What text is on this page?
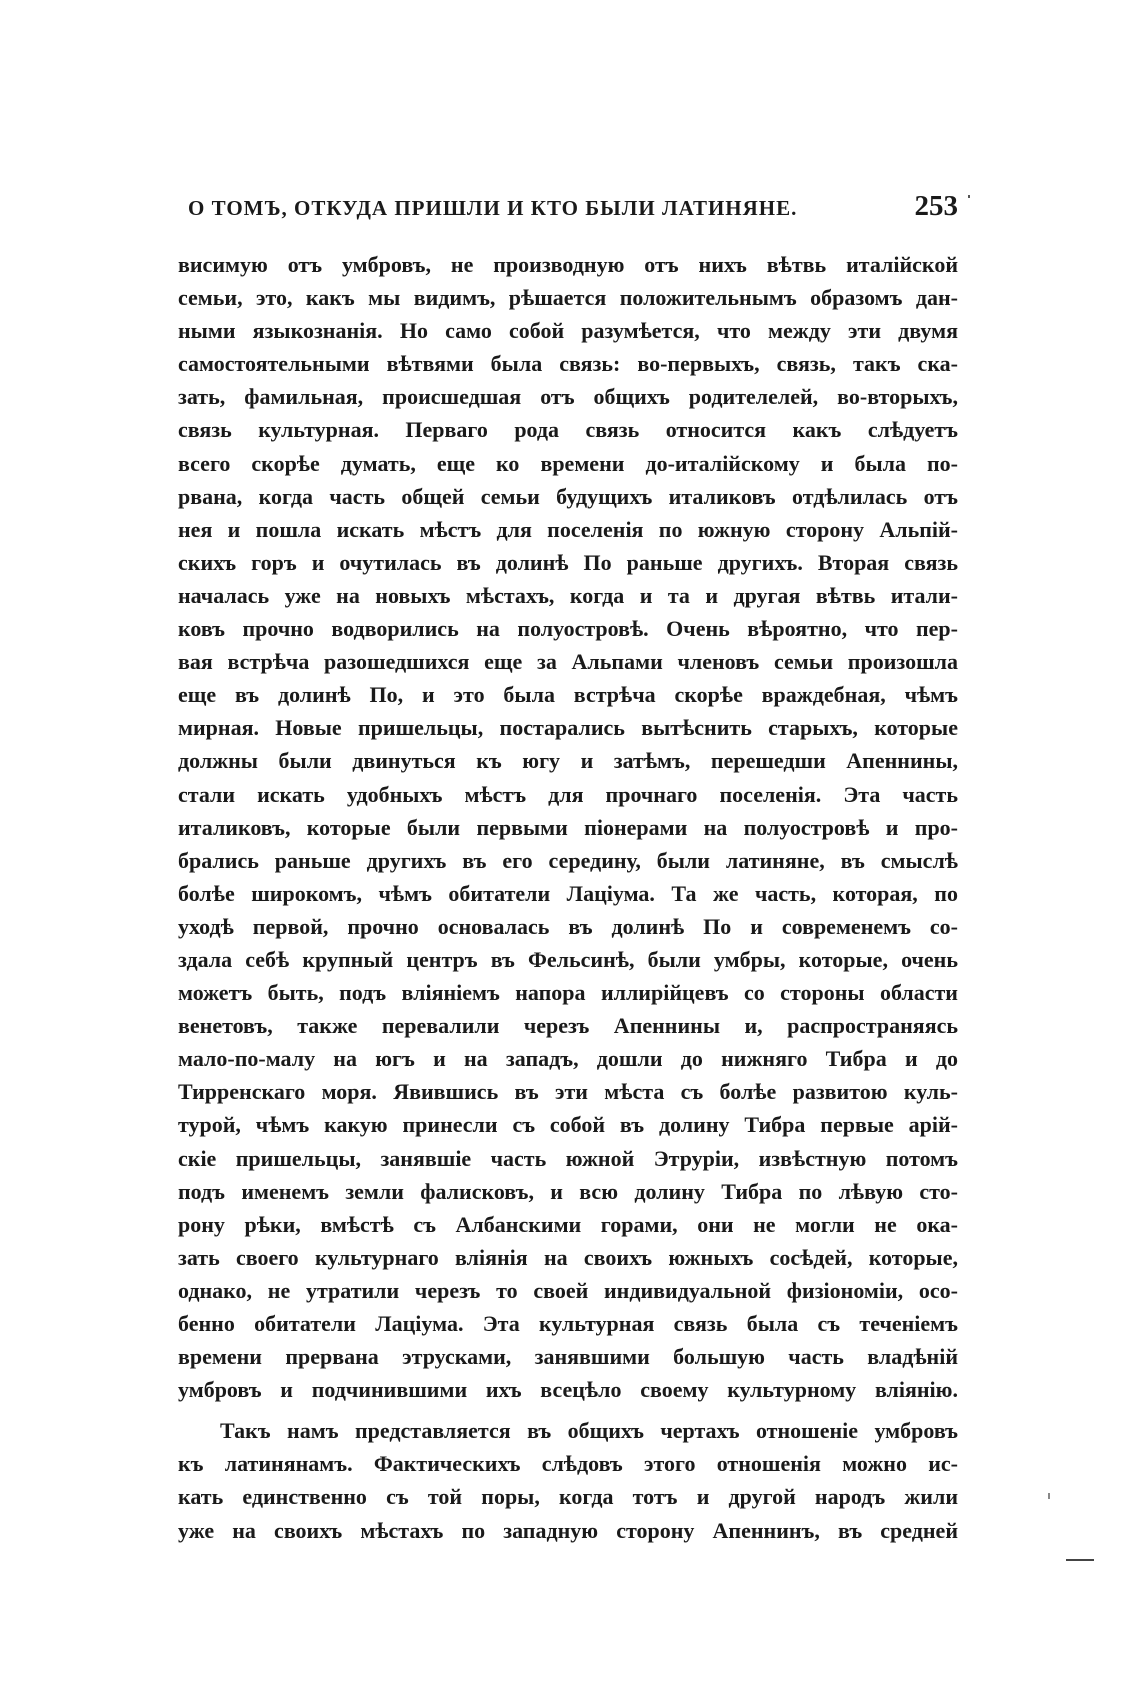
О ТОМЪ, ОТКУДА ПРИШЛИ И КТО БЫЛИ ЛАТИНЯНЕ.	253
висимую отъ умбровъ, не производную отъ нихъ вѣтвь италійской
семьи, это, какъ мы видимъ, рѣшается положительнымъ образомъ дан-
ными языкознанія. Но само собой разумѣется, что между эти двумя
самостоятельными вѣтвями была связь: во-первыхъ, связь, такъ ска-
зать, фамильная, происшедшая отъ общихъ родителелей, во-вторыхъ,
связь культурная. Перваго рода связь относится какъ слѣдуетъ
всего скорѣе думать, еще ко времени до-италійскому и была по-
рвана, когда часть общей семьи будущихъ италиковъ отдѣлилась отъ
нея и пошла искать мѣстъ для поселенія по южную сторону Альпій-
скихъ горъ и очутилась въ долинѣ По раньше другихъ. Вторая связь
началась уже на новыхъ мѣстахъ, когда и та и другая вѣтвь итали-
ковъ прочно водворились на полуостровѣ. Очень вѣроятно, что пер-
вая встрѣча разошедшихся еще за Альпами членовъ семьи произошла
еще въ долинѣ По, и это была встрѣча скорѣе враждебная, чѣмъ
мирная. Новые пришельцы, постарались вытѣснить старыхъ, которые
должны были двинуться къ югу и затѣмъ, перешедши Апеннины,
стали искать удобныхъ мѣстъ для прочнаго поселенія. Эта часть
италиковъ, которые были первыми піонерами на полуостровѣ и про-
брались раньше другихъ въ его середину, были латиняне, въ смыслѣ
болѣе широкомъ, чѣмъ обитатели Лаціума. Та же часть, которая, по
уходѣ первой, прочно основалась въ долинѣ По и современемъ со-
здала себѣ крупный центръ въ Фельсинѣ, были умбры, которые, очень
можетъ быть, подъ вліяніемъ напора иллирійцевъ со стороны области
венетовъ, также перевалили черезъ Апеннины и, распространяясь
мало-по-малу на югъ и на западъ, дошли до нижняго Тибра и до
Тирренскаго моря. Явившись въ эти мѣста съ болѣе развитою куль-
турой, чѣмъ какую принесли съ собой въ долину Тибра первые арій-
скіе пришельцы, занявшіе часть южной Этруріи, извѣстную потомъ
подъ именемъ земли фалисковъ, и всю долину Тибра по лѣвую сто-
рону рѣки, вмѣстѣ съ Албанскими горами, они не могли не ока-
зать своего культурнаго вліянія на своихъ южныхъ сосѣдей, которые,
однако, не утратили черезъ то своей индивидуальной физіономіи, осо-
бенно обитатели Лаціума. Эта культурная связь была съ теченіемъ
времени прервана этрусками, занявшими большую часть владѣній
умбровъ и подчинившими ихъ всецѣло своему культурному вліянію.
Такъ намъ представляется въ общихъ чертахъ отношеніе умбровъ
къ латинянамъ. Фактическихъ слѣдовъ этого отношенія можно ис-
кать единственно съ той поры, когда тотъ и другой народъ жили
уже на своихъ мѣстахъ по западную сторону Апеннинъ, въ средней
